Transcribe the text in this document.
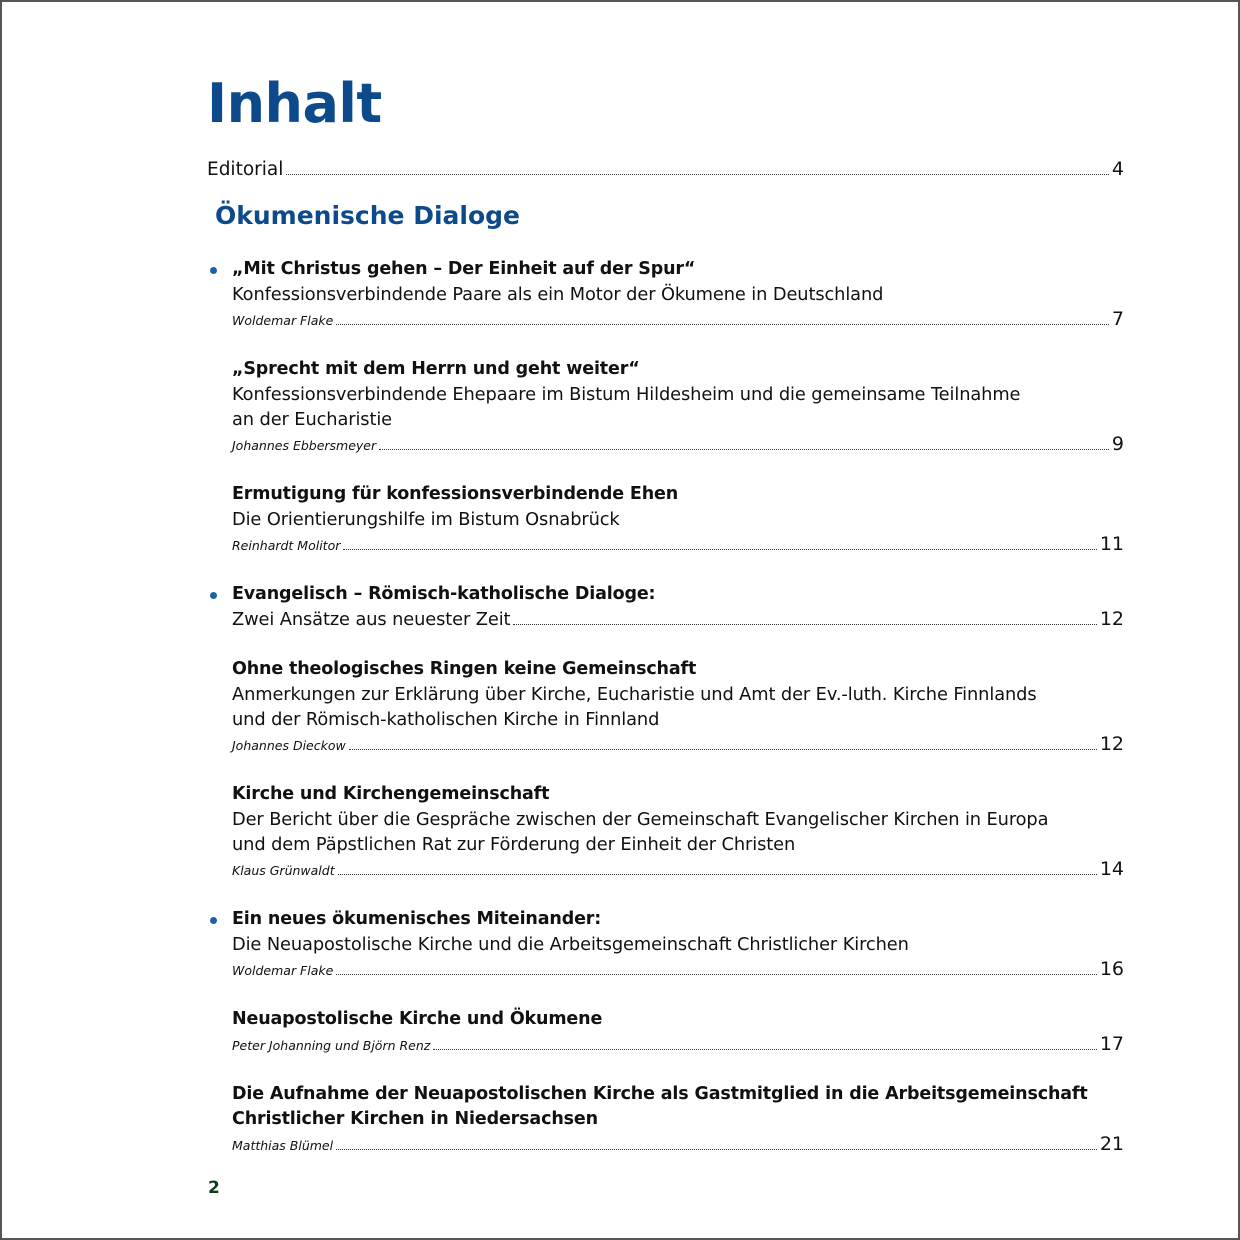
Inhalt
Editorial	4
Ökumenische Dialoge
„Mit Christus gehen – Der Einheit auf der Spur“
Konfessionsverbindende Paare als ein Motor der Ökumene in Deutschland
Woldemar Flake	7
„Sprecht mit dem Herrn und geht weiter“
Konfessionsverbindende Ehepaare im Bistum Hildesheim und die gemeinsame Teilnahme
an der Eucharistie
Johannes Ebbersmeyer	9
Ermutigung für konfessionsverbindende Ehen
Die Orientierungshilfe im Bistum Osnabrück
Reinhardt Molitor	11
Evangelisch – Römisch-katholische Dialoge:
Zwei Ansätze aus neuester Zeit	12
Ohne theologisches Ringen keine Gemeinschaft
Anmerkungen zur Erklärung über Kirche, Eucharistie und Amt der Ev.-luth. Kirche Finnlands
und der Römisch-katholischen Kirche in Finnland
Johannes Dieckow	12
Kirche und Kirchengemeinschaft
Der Bericht über die Gespräche zwischen der Gemeinschaft Evangelischer Kirchen in Europa
und dem Päpstlichen Rat zur Förderung der Einheit der Christen
Klaus Grünwaldt	14
Ein neues ökumenisches Miteinander:
Die Neuapostolische Kirche und die Arbeitsgemeinschaft Christlicher Kirchen
Woldemar Flake	16
Neuapostolische Kirche und Ökumene
Peter Johanning und Björn Renz	17
Die Aufnahme der Neuapostolischen Kirche als Gastmitglied in die Arbeitsgemeinschaft
Christlicher Kirchen in Niedersachsen
Matthias Blümel	21
2
